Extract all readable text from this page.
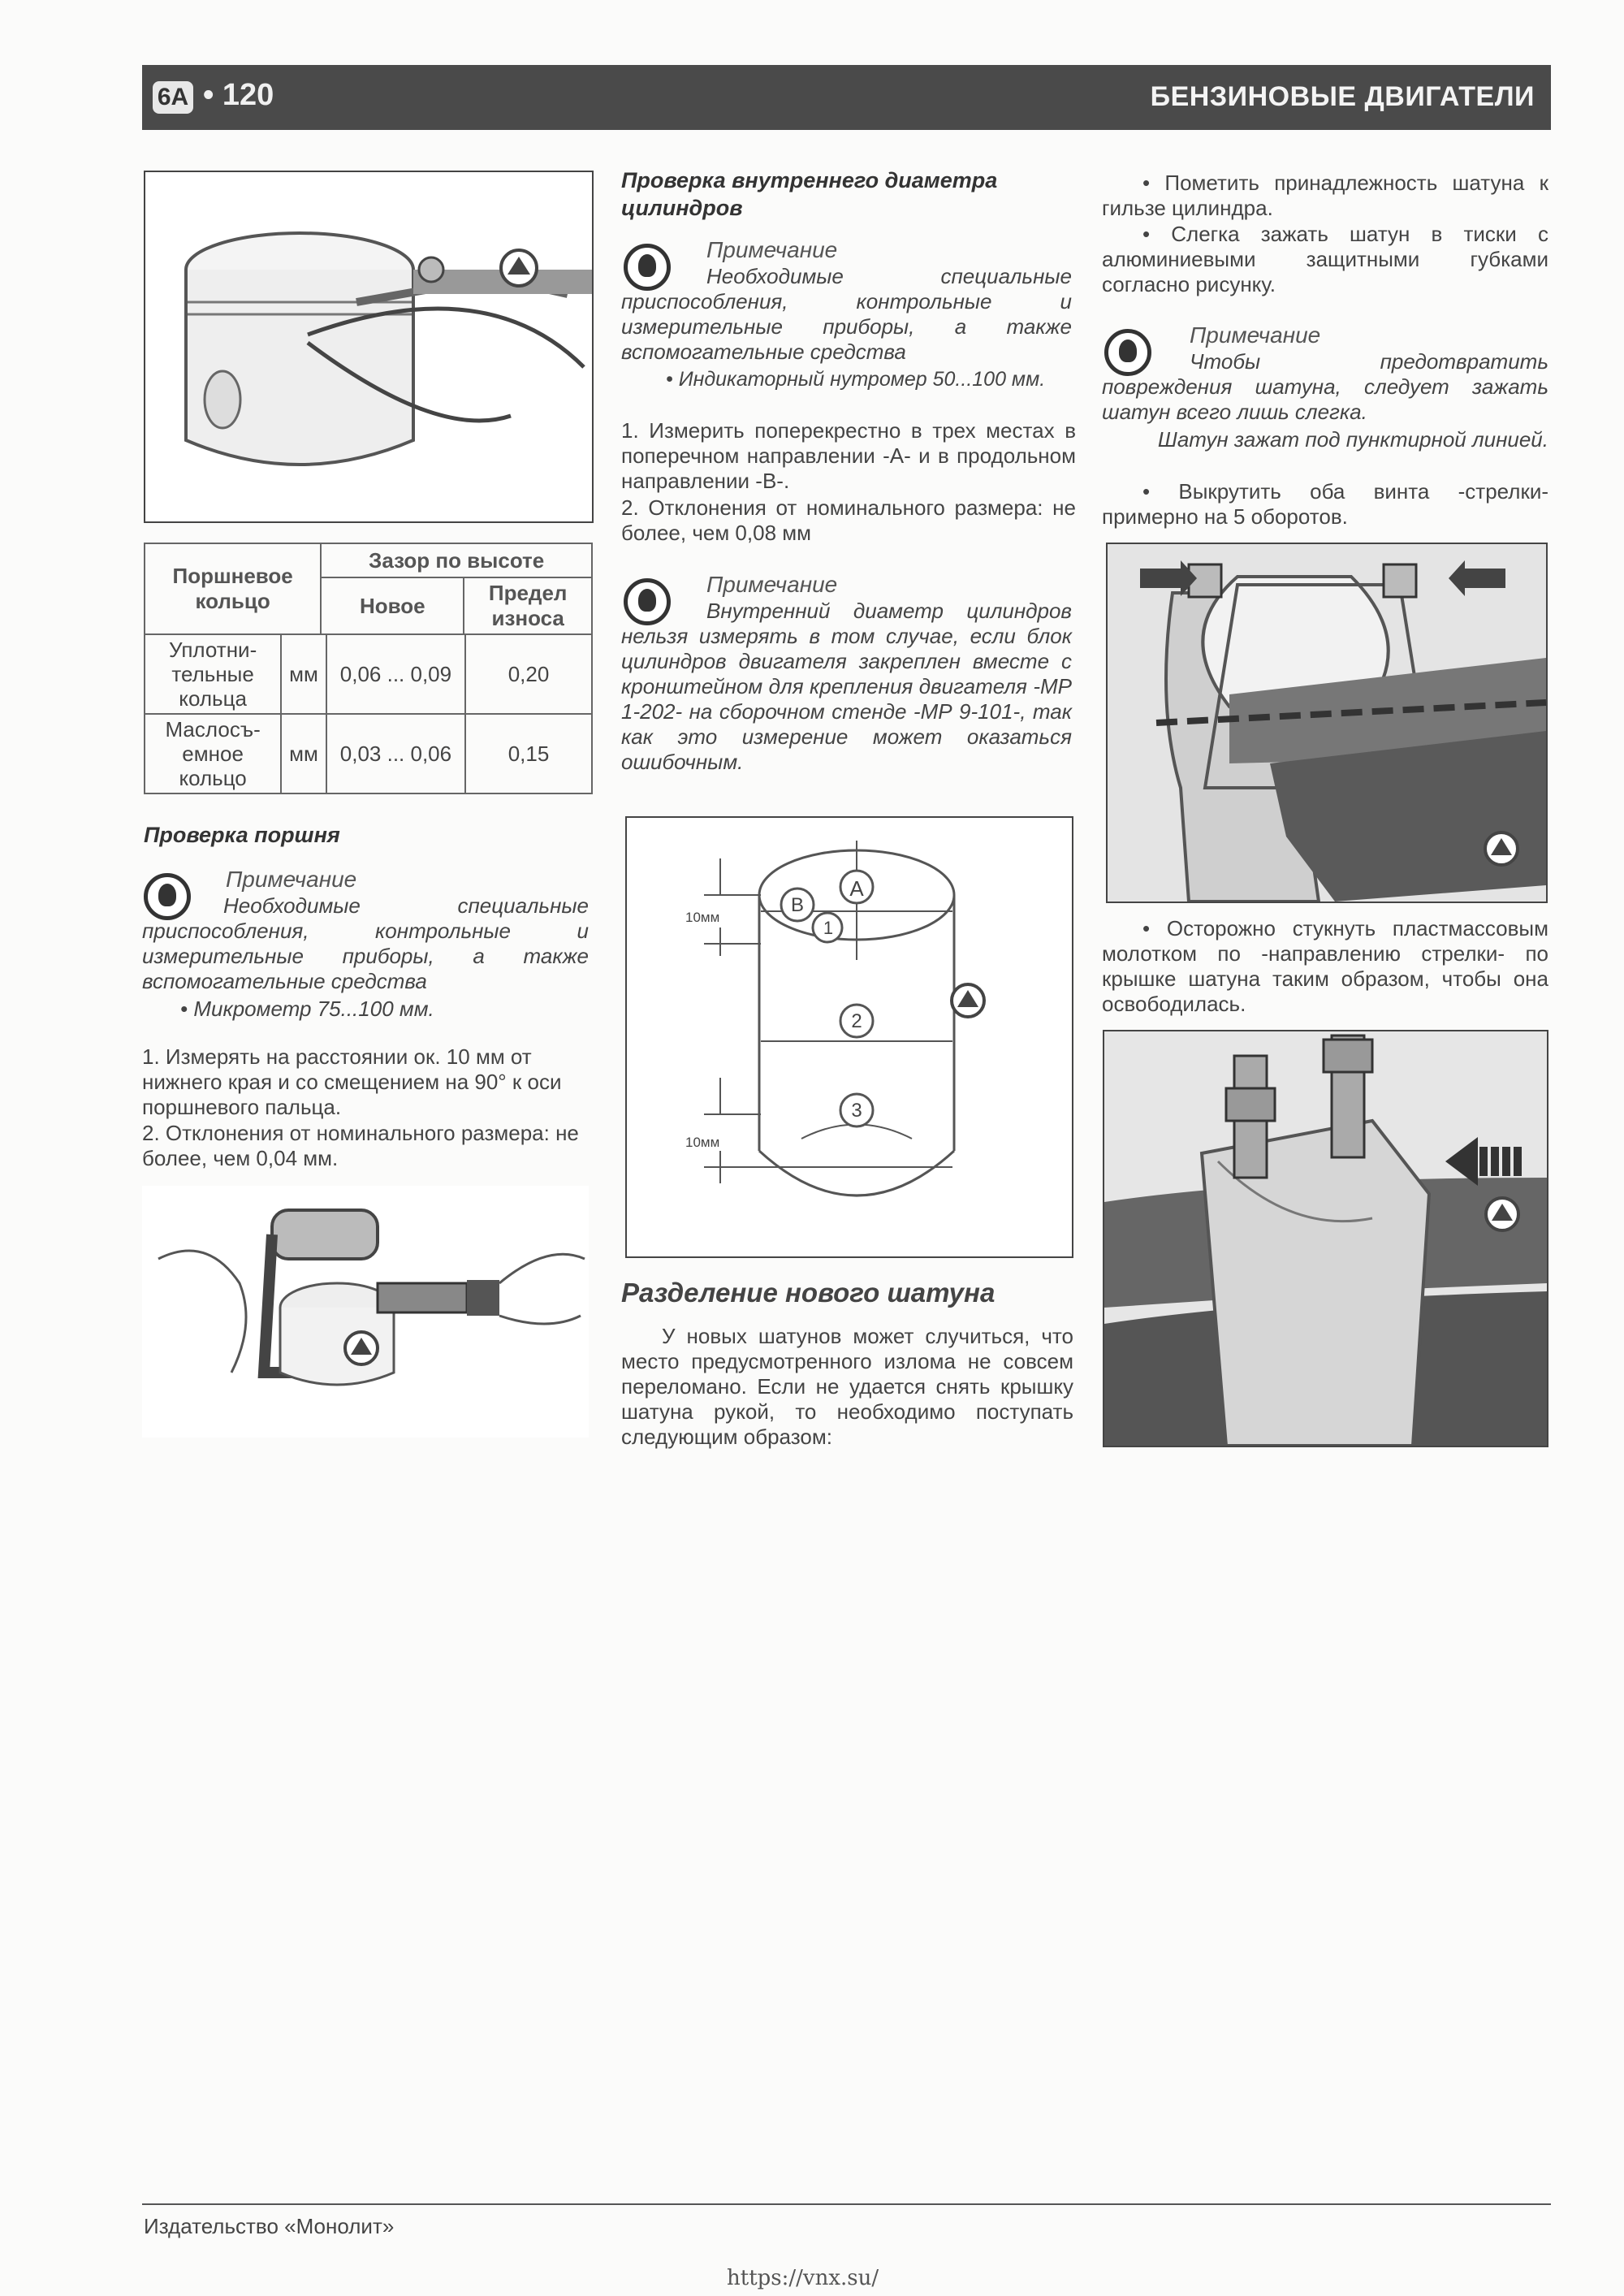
6A • 120	БЕНЗИНОВЫЕ ДВИГАТЕЛИ
Поршневое кольцо	Зазор по высоте
	Новое	Предел износа
Уплотни-тельные кольца	мм	0,06 ... 0,09	0,20
Маслосъ-емное кольцо	мм	0,03 ... 0,06	0,15
Проверка поршня
Примечание
Необходимые специальные приспособления, контрольные и измерительные приборы, а также вспомогательные средства
• Микрометр 75...100 мм.
1. Измерять на расстоянии ок. 10 мм от нижнего края и со смещением на 90° к оси поршневого пальца.
2. Отклонения от номинального размера: не более, чем 0,04 мм.
Проверка внутреннего диаметра цилиндров
Примечание
Необходимые специальные приспособления, контрольные и измерительные приборы, а также вспомогательные средства
• Индикаторный нутромер 50...100 мм.
1. Измерить поперекрестно в трех местах в поперечном направлении -А- и в продольном направлении -В-.
2. Отклонения от номинального размера: не более, чем 0,08 мм
Примечание
Внутренний диаметр цилиндров нельзя измерять в том случае, если блок цилиндров двигателя закреплен вместе с кронштейном для крепления двигателя -МР 1-202- на сборочном стенде -МР 9-101-, так как это измерение может оказаться ошибочным.
A
B
1
2
3
10мм
10мм
Разделение нового шатуна
У новых шатунов может случиться, что место предусмотренного излома не совсем переломано. Если не удается снять крышку шатуна рукой, то необходимо поступать следующим образом:
• Пометить принадлежность шатуна к гильзе цилиндра.
• Слегка зажать шатун в тиски с алюминиевыми защитными губками согласно рисунку.
Примечание
Чтобы предотвратить повреждения шатуна, следует зажать шатун всего лишь слегка.
Шатун зажат под пунктирной линией.
• Выкрутить оба винта -стрелки- примерно на 5 оборотов.
• Осторожно стукнуть пластмассовым молотком по -направлению стрелки- по крышке шатуна таким образом, чтобы она освободилась.
Издательство «Монолит»
https://vnx.su/
